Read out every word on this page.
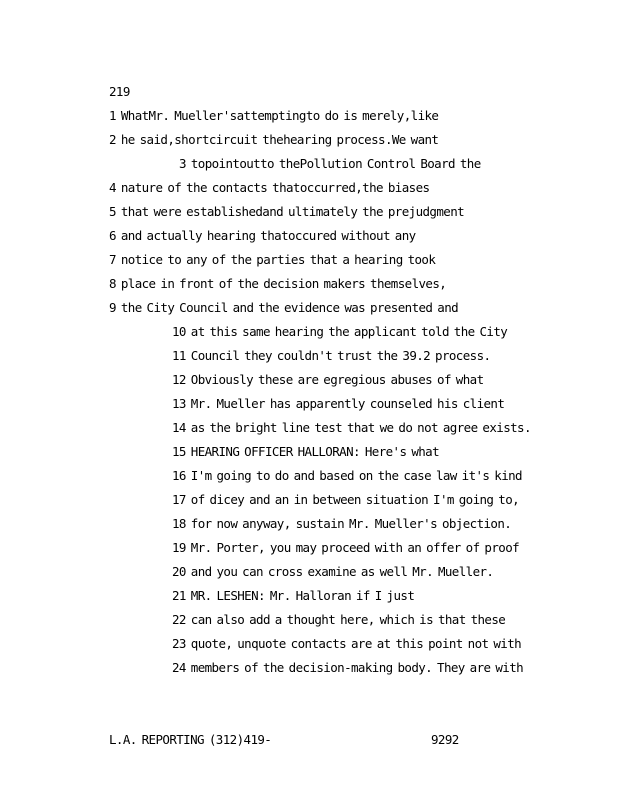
219
1 WhatMr. Mueller'sattemptingto do is merely,like
2 he said,shortcircuit thehearing process.We want
3 topointoutto thePollution Control Board the
4 nature of the contacts thatoccurred,the biases
5 that were establishedand ultimately the prejudgment
6 and actually hearing thatoccured without any
7 notice to any of the parties that a hearing took
8 place in front of the decision makers themselves,
9 the City Council and the evidence was presented and
10 at this same hearing the applicant told the City
11 Council they couldn't trust the 39.2 process.
12 Obviously these are egregious abuses of what
13 Mr. Mueller has apparently counseled his client
14 as the bright line test that we do not agree exists.
15 HEARING OFFICER HALLORAN: Here's what
16 I'm going to do and based on the case law it's kind
17 of dicey and an in between situation I'm going to,
18 for now anyway, sustain Mr. Mueller's objection.
19 Mr. Porter, you may proceed with an offer of proof
20 and you can cross examine as well Mr. Mueller.
21 MR. LESHEN: Mr. Halloran if I just
22 can also add a thought here, which is that these
23 quote, unquote contacts are at this point not with
24 members of the decision-making body. They are with
L.A. REPORTING (312)419-	9292
